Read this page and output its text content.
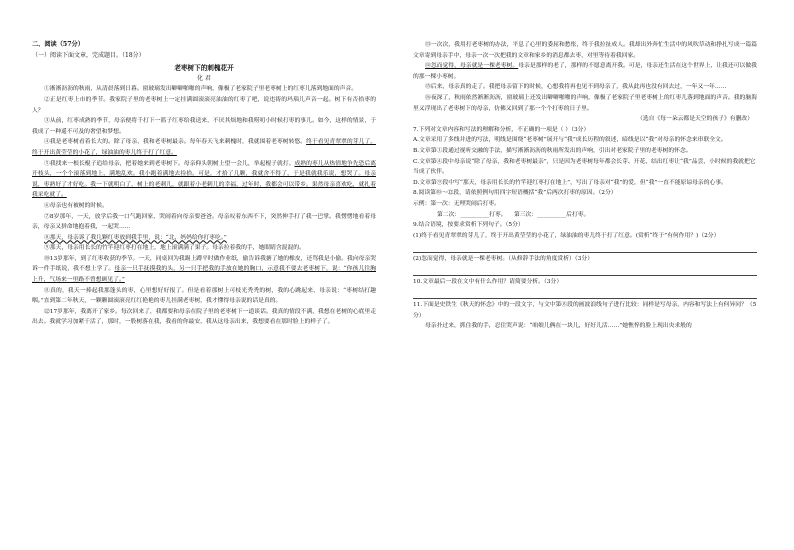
二、阅读（57分）

（一）阅读下面文章，完成题目。（18分）

老枣树下的刺槐花开

化 君

①淅淅沥沥的秋雨，从清晨落到日暮。窗玻璃发出噼噼啪啪的声响，像极了老家院子里老枣树上的红枣儿落到地面的声音。

②正是红枣上市的季节。我家院子里的老枣树上一定挂满圆滚滚亮油油的红枣了吧，说违祷的玛瑙儿声音一起。树下有否拾枣的人？

③从前，红枣成熟的季节，母亲便将千打下一篮子红枣给我送来，不厌其烦地和我唠叨小时候打枣的事儿。如今，这样的情景，于我成了一种遥不可及的奢望和梦想。

④我是老枣树看着长大的。除了母亲，我和老枣树最亲。每年春天飞来刺槐时，我就围着老枣树转悠。终于看见青翠翠的芽儿了，终于开出黄莹莹的小花了，绿油油的枣儿终于打了红意。

⑤我找来一根长棍子追给母亲，把着她来到老枣树下。母亲仰头朝树上望一会儿，举起棍子就打。成熟的枣儿从热情地争先恐后离开枝头，一个个滚落到地上，满地乱欢。我小跑着满地去捡拾。可是，才拾了几颗，我就舍不得了，于是我就我乐说，想哭了。母亲说，枣熟好了才好吃。我一下就明白了，树上的老刺儿，就跟着小老刺儿的幸福，过年时，我都会可以带乡。果然母亲喜欢吃，就扎着我采吃就了。

⑥母亲也有被树的时候。

⑦8岁那年，一天，放学后我一口气跑回家，哭闹着向母亲要爸爸。母亲叹着东西不下，突然伸手打了我一巴掌。我愣愣地看着母亲，母亲又拼命地抱着我，一起哭……

⑧那天，母亲诉了我几颗红枣放到我手里，说：“北，妈妈给你打枣吃。”

⑨那天，母亲用长长的竹竿迎红枣打在地上，地上滚满满了果子。母亲拉着我的手，她眼睛含混混的。

⑩13岁那年，到了红枣收获的季节。一天，同桌回为我踢上蹲平时做作业纸，偷告诉我搪了她的橡皮，还骂我是小偷。我向母亲哭诉一件手纸说，我不想上学了。母亲一只手抚摸我的头，另一只手把我的手放在她的胸口，示意我不要去老枣树下，说：“你孩儿往胸上升，气场来一里路不曾想顾见了。”

⑪真的，我天一捧起我那蓬头的枣，心里想好好报了。但是看着那树上可枝光秃秃的树，我的心跳起来，母亲说：“枣树结打趣咽。”直到第二年秋天，一颗颗圆滚滚亮红红艳艳的枣儿挂满老枣树，我才懂得母亲说的话是真的。

⑫17岁那年，我离开了家乡。每次回来了，我都要和母亲在院子里的老枣树下一道谈话。我真的情段不满，我想在老树的心底里走出去。我就学习加紧干活了，那时，一股树落在我，我看的你最安，我从这母亲出来，我想要看在那时脸上的样子了。

⑬一次次，我用打老枣树的办法，平息了心里的委屈和愁怅，终于我拉扯成人。我却出外奔忙生活中的风吹草动和挣扎写成一篇篇文章寄到母亲手中，母亲一次一次把我的文章和家乡的消息都去枣，对里等待着我回家。

⑭忽而觉得，母亲就是一棵老枣树。母亲是那样的老了，那样的不愿意离开我。可是，母亲还生活在这个世界上，让我还可以做我的那一棵小枣树。

⑮后来，母亲真的走了。我把母亲留下的时候，心想我将再也见不到母亲了，我从此再也没有回去过，一年又一年……

⑯夜深了，秋雨依然淅淅沥沥，窗玻璃上还发出噼噼啪啪的声响，像极了老家院子里老枣树上的红枣儿落到地面的声音。我的脑海里又浮现出了老枣树下的母亲，仿佛又回到了那一个个打枣的日子里。

（选自《每一朵云都是天空的孩子》有删改）

7.下列对文章内容和写法的理解和分析，不正确的一项是（ ）（3分）

A.文章采用了多线并进的写法，明线是围绕“老枣树”展开与“我”成长历程的叙述，暗线是以“我”对母亲的怀念来串联全文。

B.文章第①段通过视听交融的手法，描写淅淅沥沥的秋雨所发出的声响，引出对老家院子里的老枣树的怀念。

C.文章第④段中母亲说“除了母亲，我和老枣树最亲”，只是因为老枣树每年都会长芽、开花、结出红枣让“我”品尝，小时候的我就把它当成了伙伴。

D.文章第⑨段中写“那天，母亲用长长的竹竿迎红枣打在地上”，写出了母亲对“我”的爱，但“我”一直不能原谅母亲的心事。

8.阅读第⑩～⑫段，请依照例句用四字短语概括“我”后两次打枣的原因。（2分）

示例：第一次：无理哭闹后打枣。

第二次：__________打枣。 第三次：__________后打枣。

9.结合语境，按要求赏析下列句子。（5分）

(1)终于看见青翠翠的芽儿了，终于开出黄莹莹的小花了，绿油油的枣儿终于打了红意。(赏析“终于”有何作用？)（2分）

(2)忽而觉得，母亲就是一棵老枣树。（从修辞手法的角度赏析）（3分）

10.文章最后一段在文中有什么作用？请简要分析。（3分）

11.下面是史铁生《秋天的怀念》中的一段文字，与文中第⑧段的画波浪线句子进行比较：同样是写母亲，内容和写法上有何异同？（5分）

母亲扑过来，抓住我的手，忍住哭声说：“咱娘儿俩在一块儿，好好儿活……”她憔悴的脸上现出央求般的
